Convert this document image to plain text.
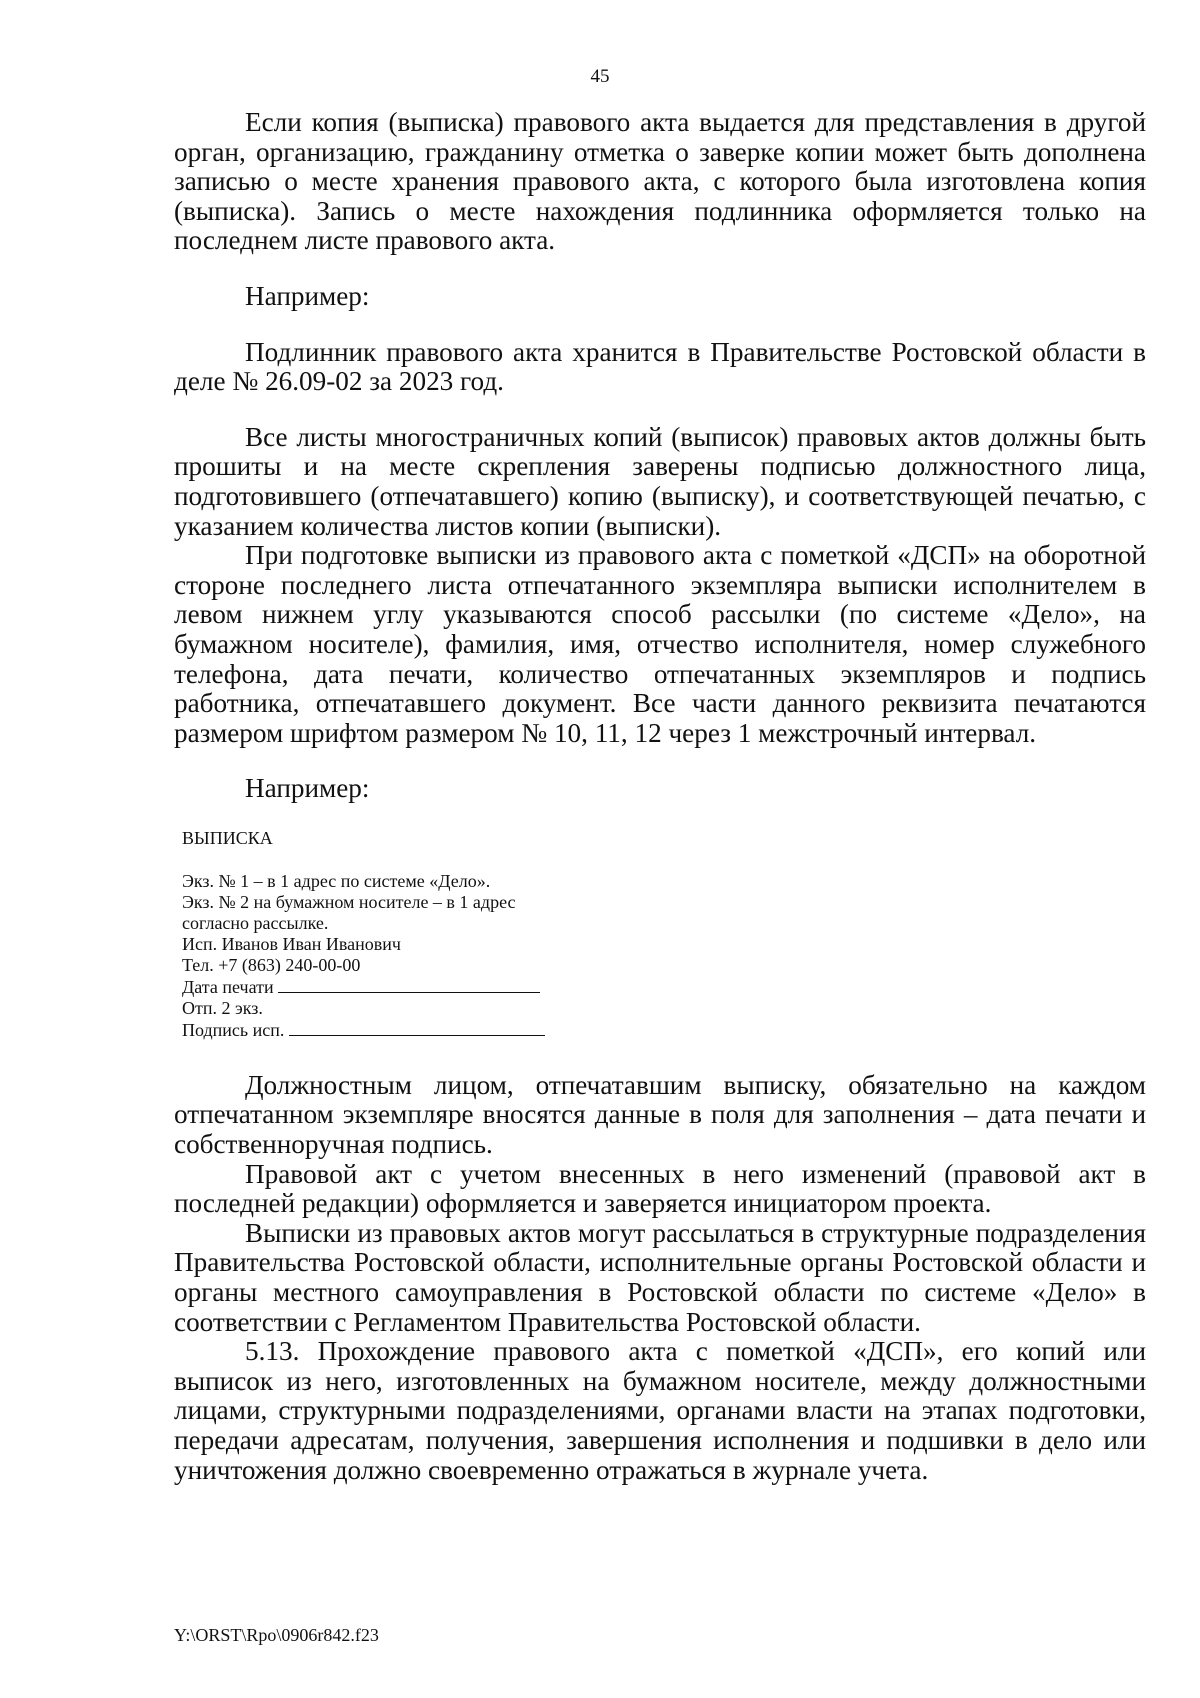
45

Если копия (выписка) правового акта выдается для представления в другой орган, организацию, гражданину отметка о заверке копии может быть дополнена записью о месте хранения правового акта, с которого была изготовлена копия (выписка). Запись о месте нахождения подлинника оформляется только на последнем листе правового акта.

Например:

Подлинник правового акта хранится в Правительстве Ростовской области в деле № 26.09-02 за 2023 год.

Все листы многостраничных копий (выписок) правовых актов должны быть прошиты и на месте скрепления заверены подписью должностного лица, подготовившего (отпечатавшего) копию (выписку), и соответствующей печатью, с указанием количества листов копии (выписки).

При подготовке выписки из правового акта с пометкой «ДСП» на оборотной стороне последнего листа отпечатанного экземпляра выписки исполнителем в левом нижнем углу указываются способ рассылки (по системе «Дело», на бумажном носителе), фамилия, имя, отчество исполнителя, номер служебного телефона, дата печати, количество отпечатанных экземпляров и подпись работника, отпечатавшего документ. Все части данного реквизита печатаются размером шрифтом размером № 10, 11, 12 через 1 межстрочный интервал.

Например:

ВЫПИСКА

Экз. № 1 – в 1 адрес по системе «Дело».

Экз. № 2 на бумажном носителе – в 1 адрес

согласно рассылке.

Исп. Иванов Иван Иванович

Тел. +7 (863) 240-00-00

Дата печати

Отп. 2 экз.

Подпись исп.

Должностным лицом, отпечатавшим выписку, обязательно на каждом отпечатанном экземпляре вносятся данные в поля для заполнения – дата печати и собственноручная подпись.

Правовой акт с учетом внесенных в него изменений (правовой акт в последней редакции) оформляется и заверяется инициатором проекта.

Выписки из правовых актов могут рассылаться в структурные подразделения Правительства Ростовской области, исполнительные органы Ростовской области и органы местного самоуправления в Ростовской области по системе «Дело» в соответствии с Регламентом Правительства Ростовской области.

5.13. Прохождение правового акта с пометкой «ДСП», его копий или выписок из него, изготовленных на бумажном носителе, между должностными лицами, структурными подразделениями, органами власти на этапах подготовки, передачи адресатам, получения, завершения исполнения и подшивки в дело или уничтожения должно своевременно отражаться в журнале учета.

Y:\ORST\Rpo\0906r842.f23
